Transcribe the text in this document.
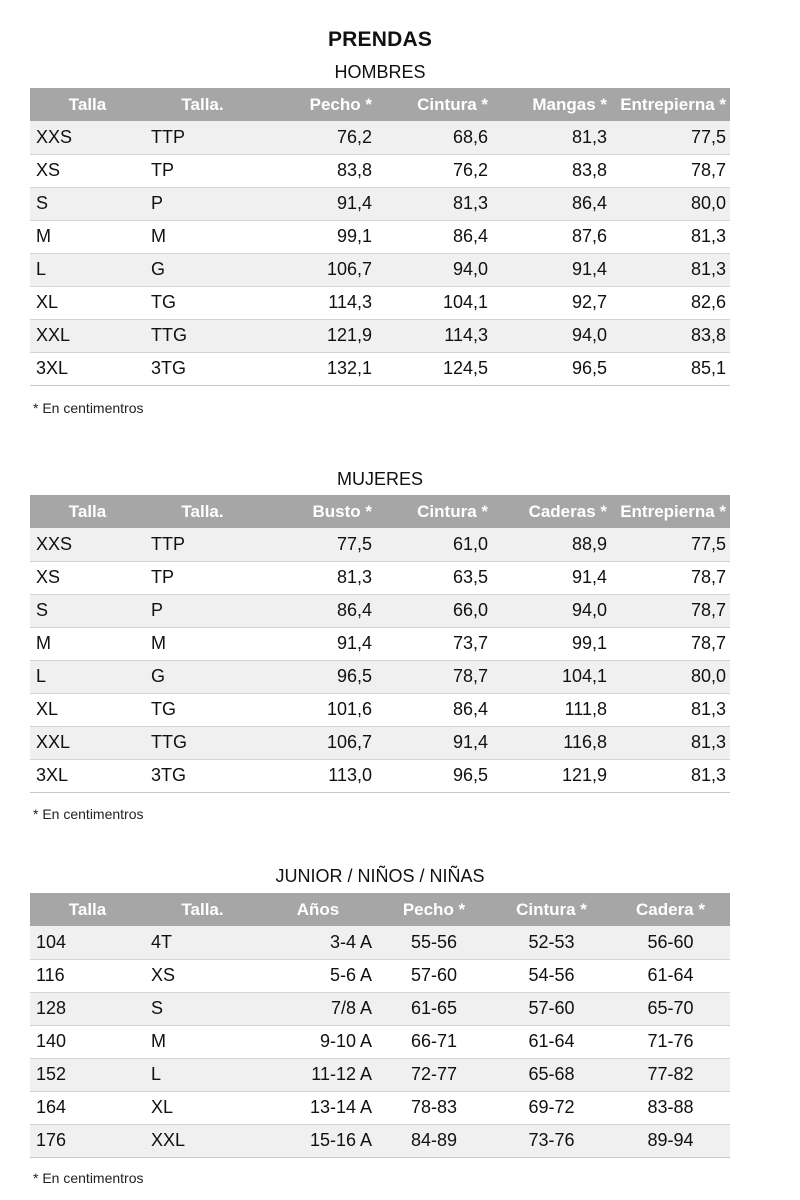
PRENDAS
HOMBRES
Talla	Talla.	Pecho *	Cintura *	Mangas *	Entrepierna *
XXS	TTP	76,2	68,6	81,3	77,5
XS	TP	83,8	76,2	83,8	78,7
S	P	91,4	81,3	86,4	80,0
M	M	99,1	86,4	87,6	81,3
L	G	106,7	94,0	91,4	81,3
XL	TG	114,3	104,1	92,7	82,6
XXL	TTG	121,9	114,3	94,0	83,8
3XL	3TG	132,1	124,5	96,5	85,1
* En centimentros
MUJERES
Talla	Talla.	Busto *	Cintura *	Caderas *	Entrepierna *
XXS	TTP	77,5	61,0	88,9	77,5
XS	TP	81,3	63,5	91,4	78,7
S	P	86,4	66,0	94,0	78,7
M	M	91,4	73,7	99,1	78,7
L	G	96,5	78,7	104,1	80,0
XL	TG	101,6	86,4	111,8	81,3
XXL	TTG	106,7	91,4	116,8	81,3
3XL	3TG	113,0	96,5	121,9	81,3
* En centimentros
JUNIOR / NIÑOS / NIÑAS
Talla	Talla.	Años	Pecho *	Cintura *	Cadera *
104	4T	3-4 A	55-56	52-53	56-60
116	XS	5-6 A	57-60	54-56	61-64
128	S	7/8 A	61-65	57-60	65-70
140	M	9-10 A	66-71	61-64	71-76
152	L	11-12 A	72-77	65-68	77-82
164	XL	13-14 A	78-83	69-72	83-88
176	XXL	15-16 A	84-89	73-76	89-94
* En centimentros
